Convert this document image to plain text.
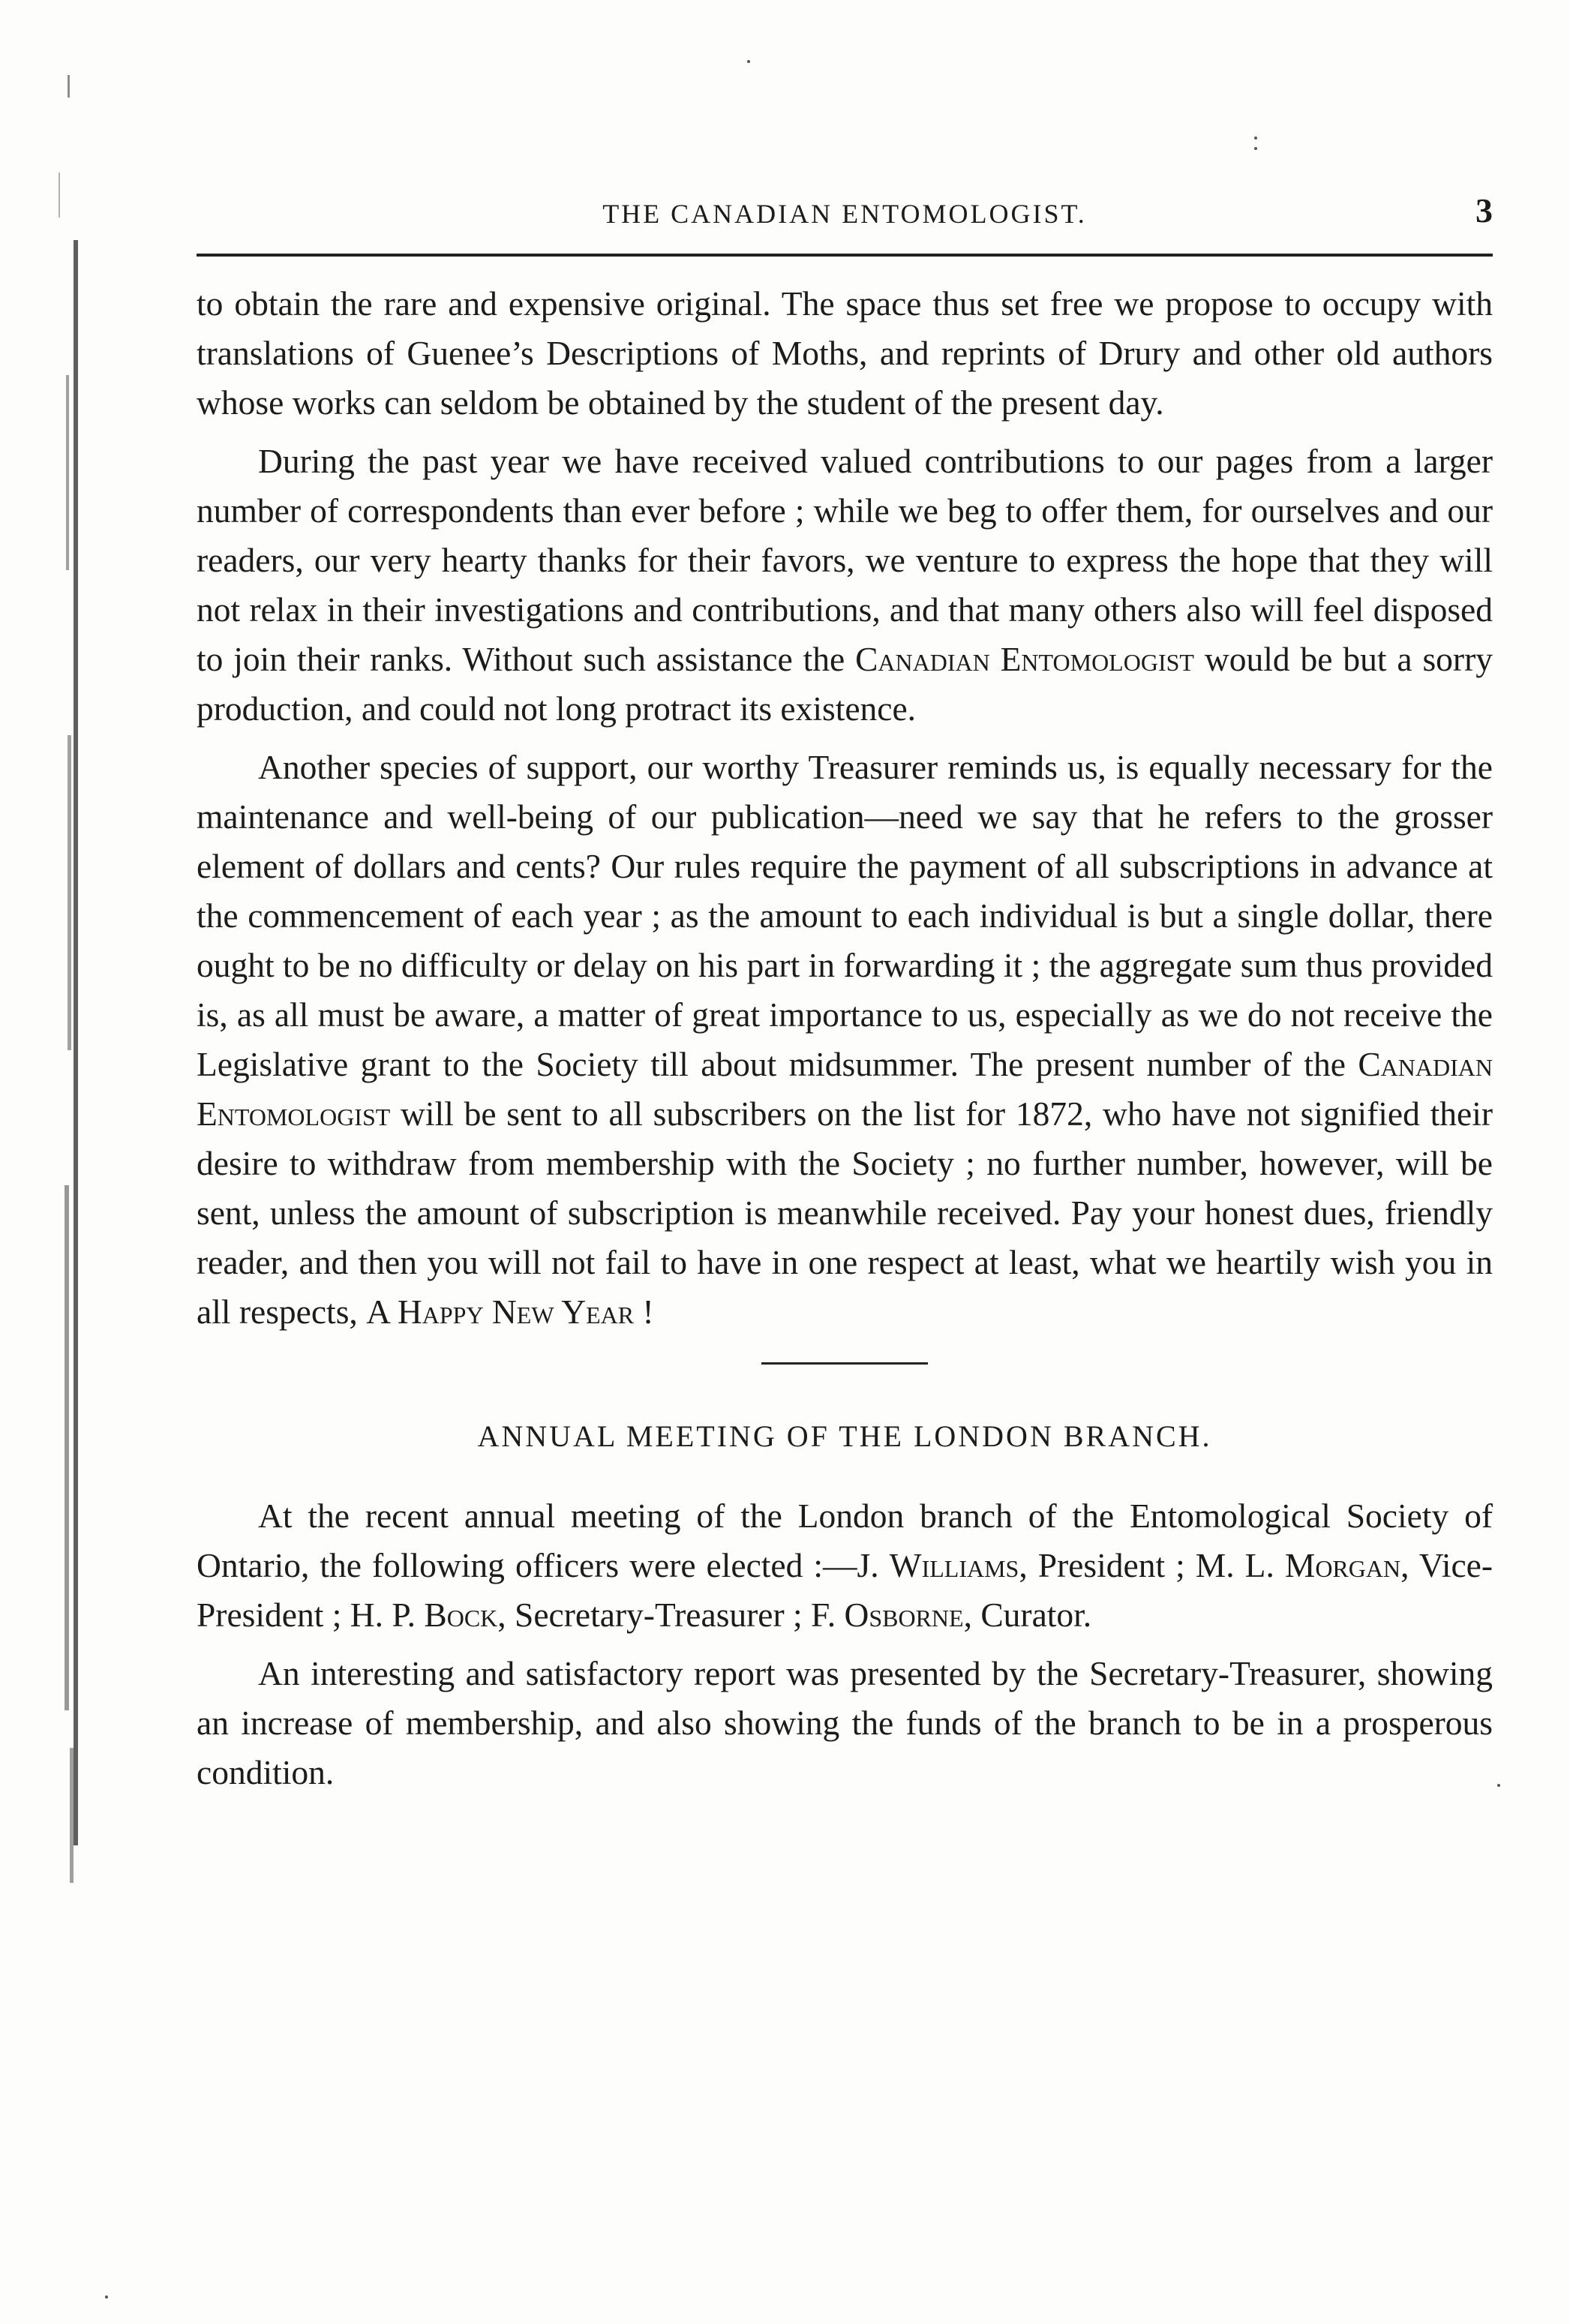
THE CANADIAN ENTOMOLOGIST.	3

to obtain the rare and expensive original. The space thus set free we propose to occupy with translations of Guenee’s Descriptions of Moths, and reprints of Drury and other old authors whose works can seldom be obtained by the student of the present day.

During the past year we have received valued contributions to our pages from a larger number of correspondents than ever before ; while we beg to offer them, for ourselves and our readers, our very hearty thanks for their favors, we venture to express the hope that they will not relax in their investigations and contributions, and that many others also will feel disposed to join their ranks. Without such assistance the Canadian Entomologist would be but a sorry production, and could not long protract its existence.

Another species of support, our worthy Treasurer reminds us, is equally necessary for the maintenance and well-being of our publication—need we say that he refers to the grosser element of dollars and cents? Our rules require the payment of all subscriptions in advance at the commencement of each year ; as the amount to each individual is but a single dollar, there ought to be no difficulty or delay on his part in forwarding it ; the aggregate sum thus provided is, as all must be aware, a matter of great importance to us, especially as we do not receive the Legislative grant to the Society till about midsummer. The present number of the Canadian Entomologist will be sent to all subscribers on the list for 1872, who have not signified their desire to withdraw from membership with the Society ; no further number, however, will be sent, unless the amount of subscription is meanwhile received. Pay your honest dues, friendly reader, and then you will not fail to have in one respect at least, what we heartily wish you in all respects, A Happy New Year !

ANNUAL MEETING OF THE LONDON BRANCH.

At the recent annual meeting of the London branch of the Entomological Society of Ontario, the following officers were elected :—J. Williams, President ; M. L. Morgan, Vice-President ; H. P. Bock, Secretary-Treasurer ; F. Osborne, Curator.

An interesting and satisfactory report was presented by the Secretary-Treasurer, showing an increase of membership, and also showing the funds of the branch to be in a prosperous condition.
